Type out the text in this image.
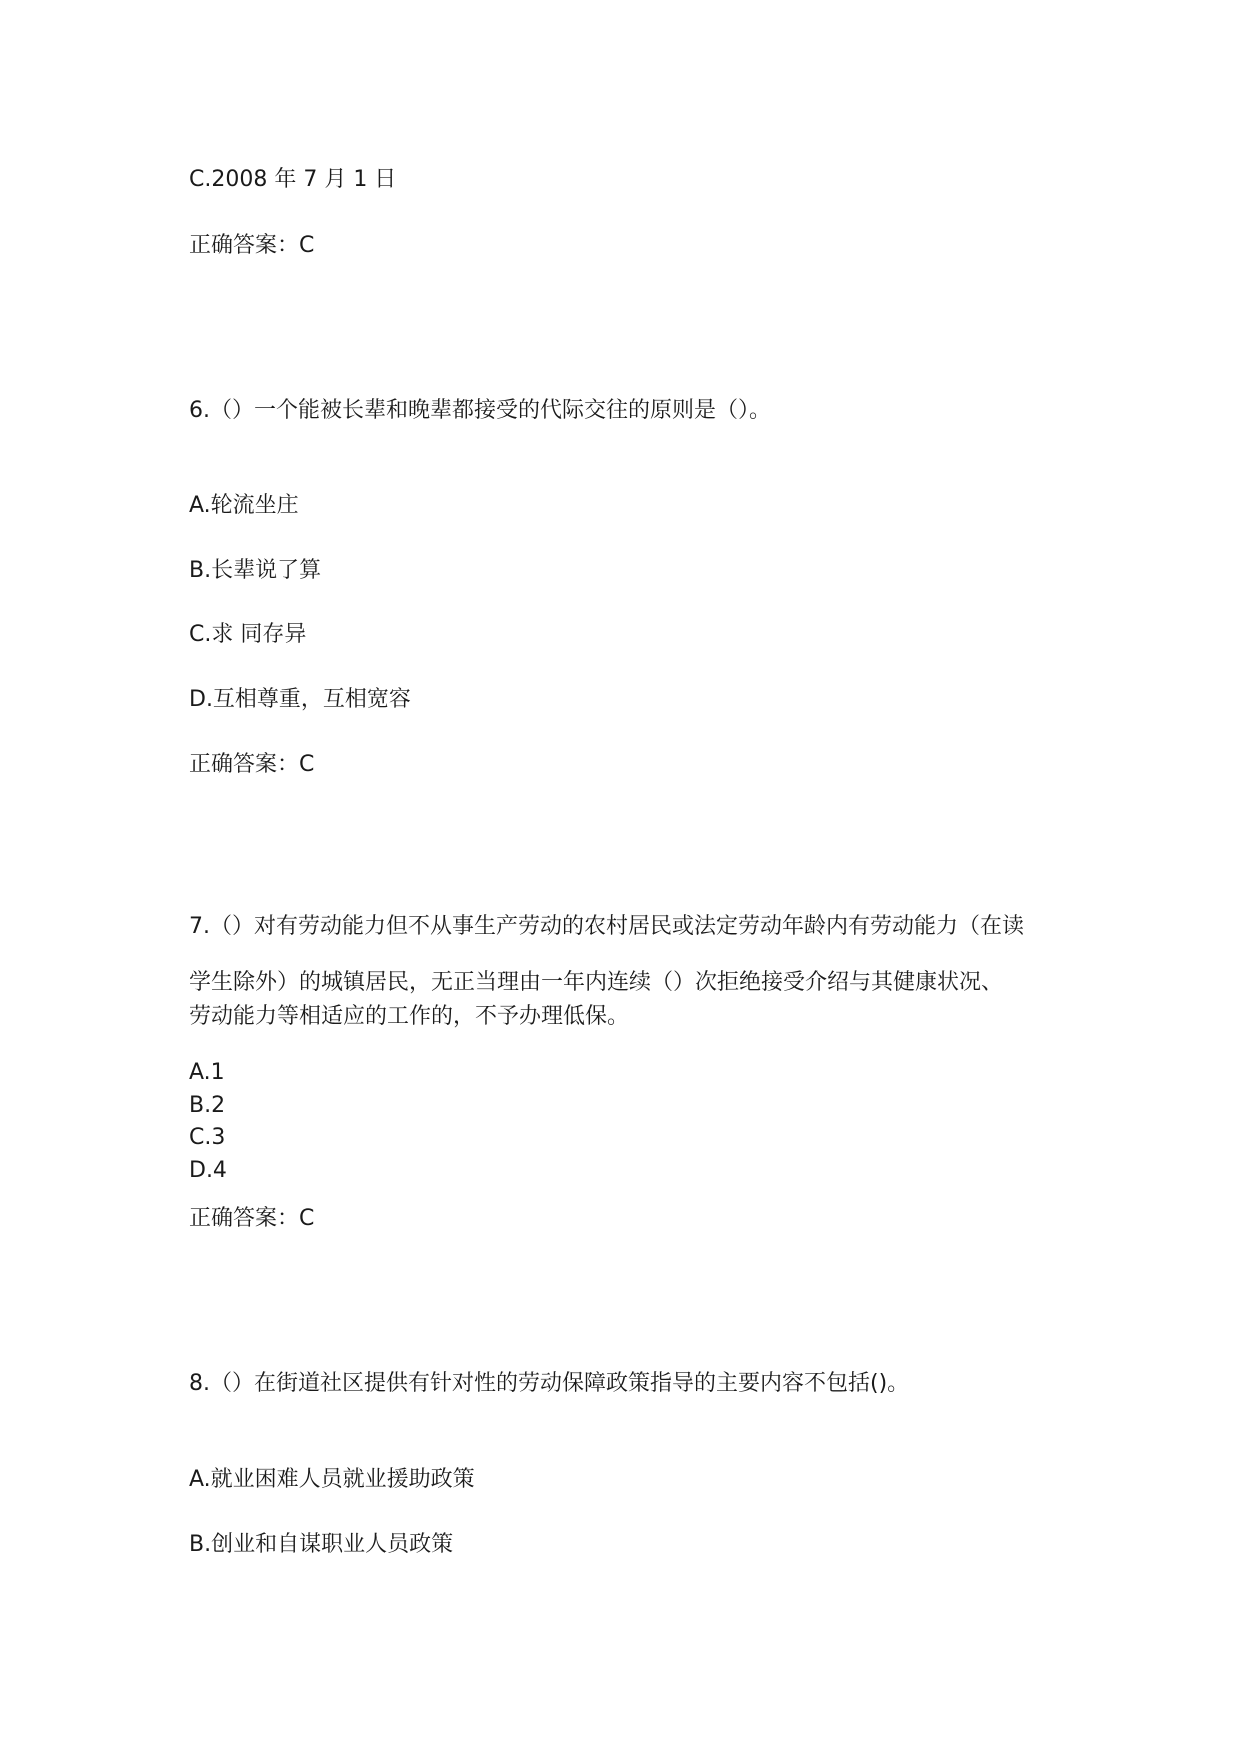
C.2008 年 7 月 1 日

正确答案：C

6.（）一个能被长辈和晚辈都接受的代际交往的原则是（）。

A.轮流坐庄

B.长辈说了算

C.求 同存异

D.互相尊重，互相宽容

正确答案：C

7.（）对有劳动能力但不从事生产劳动的农村居民或法定劳动年龄内有劳动能力（在读

学生除外）的城镇居民，无正当理由一年内连续（）次拒绝接受介绍与其健康状况、

劳动能力等相适应的工作的，不予办理低保。

A.1

B.2

C.3

D.4

正确答案：C

8.（）在街道社区提供有针对性的劳动保障政策指导的主要内容不包括()。

A.就业困难人员就业援助政策

B.创业和自谋职业人员政策
